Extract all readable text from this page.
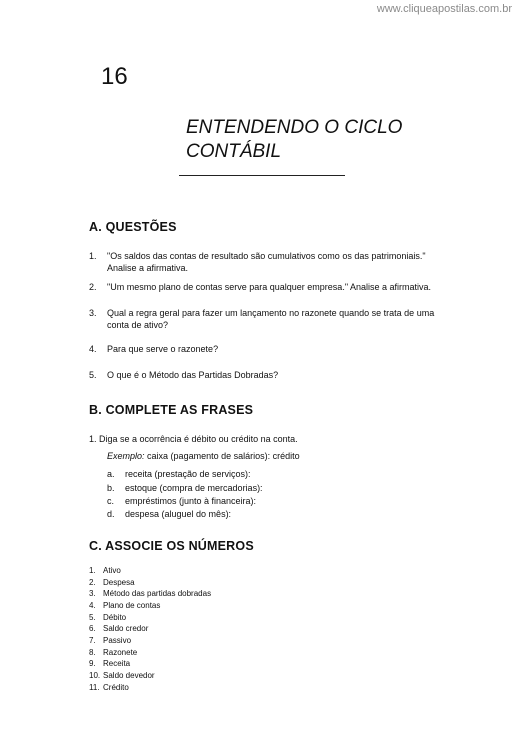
www.cliqueapostilas.com.br
16
ENTENDENDO O CICLO
CONTÁBIL
A. QUESTÕES
1.	"Os saldos das contas de resultado são cumulativos como os das patrimoniais." Analise a afirmativa.
2.	"Um mesmo plano de contas serve para qualquer empresa." Analise a afirmativa.
3.	Qual a regra geral para fazer um lançamento no razonete quando se trata de uma conta de ativo?
4.	Para que serve o razonete?
5.	O que é o Método das Partidas Dobradas?
B. COMPLETE AS FRASES
1. Diga se a ocorrência é débito ou crédito na conta.
Exemplo: caixa (pagamento de salários): crédito
a. receita (prestação de serviços):
b. estoque (compra de mercadorias):
c. empréstimos (junto à financeira):
d. despesa (aluguel do mês):
C. ASSOCIE OS NÚMEROS
1. Ativo
2. Despesa
3. Método das partidas dobradas
4. Plano de contas
5. Débito
6. Saldo credor
7. Passivo
8. Razonete
9. Receita
10. Saldo devedor
11. Crédito
